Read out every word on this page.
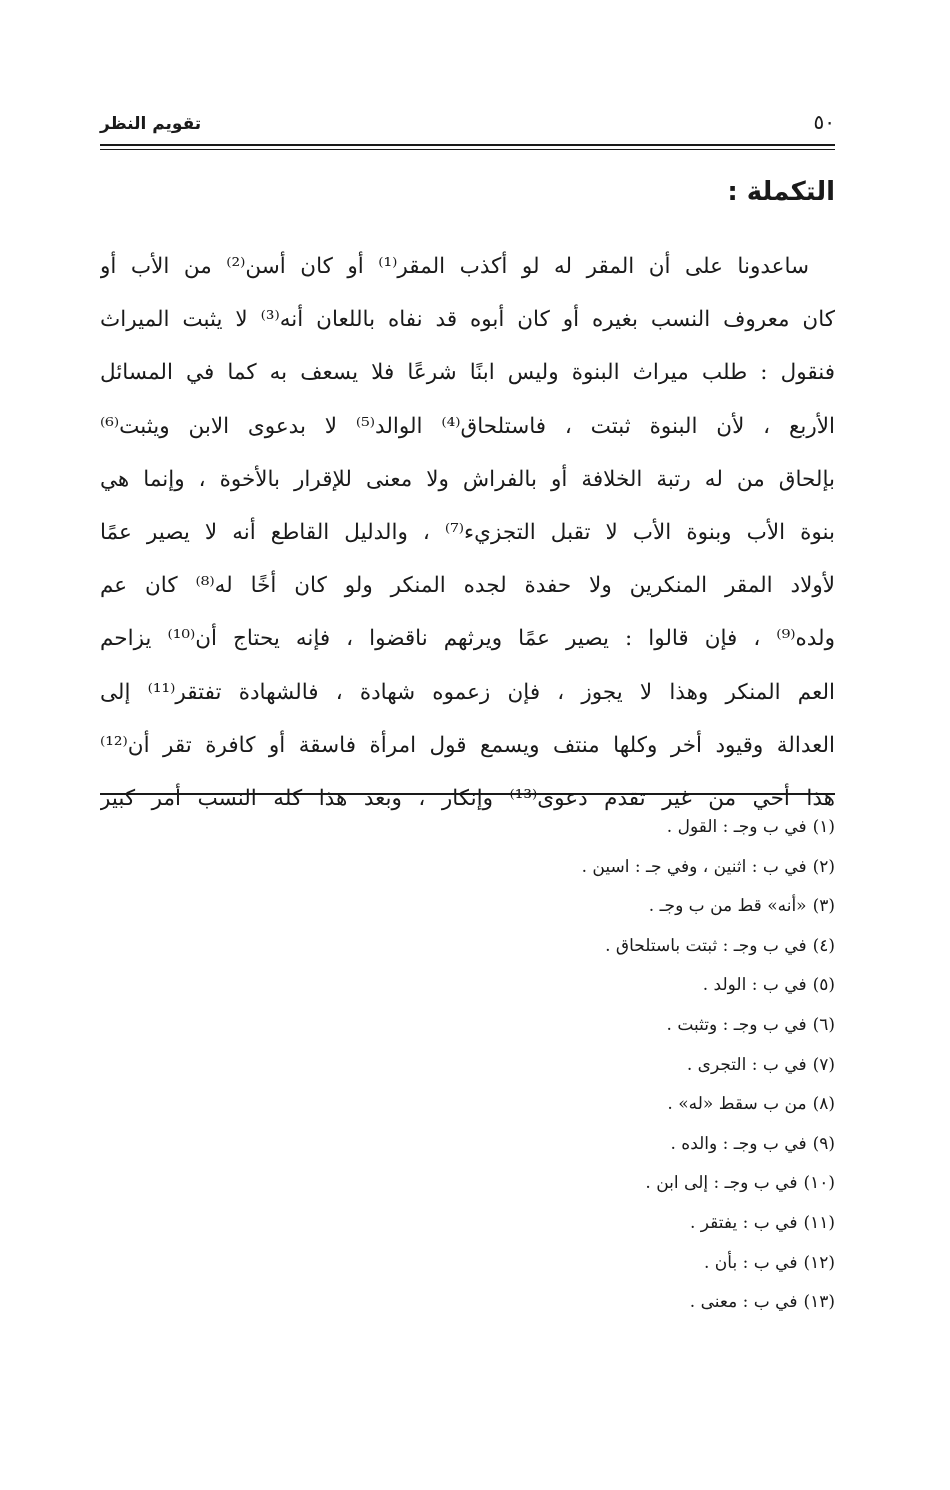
تقويم النظر	٥٠
التكملة :
ساعدونا على أن المقر له لو أكذب المقر⁽¹⁾ أو كان أسن⁽²⁾ من الأب أو
كان معروف النسب بغيره أو كان أبوه قد نفاه باللعان أنه⁽³⁾ لا يثبت الميراث
فنقول : طلب ميراث البنوة وليس ابنًا شرعًا فلا يسعف به كما في المسائل
الأربع ، لأن البنوة ثبتت ، فاستلحاق⁽⁴⁾ الوالد⁽⁵⁾ لا بدعوى الابن ويثبت⁽⁶⁾
بإلحاق من له رتبة الخلافة أو بالفراش ولا معنى للإقرار بالأخوة ، وإنما هي
بنوة الأب وبنوة الأب لا تقبل التجزيء⁽⁷⁾ ، والدليل القاطع أنه لا يصير عمًا
لأولاد المقر المنكرين ولا حفدة لجده المنكر ولو كان أخًا له⁽⁸⁾ كان عم
ولده⁽⁹⁾ ، فإن قالوا : يصير عمًا ويرثهم ناقضوا ، فإنه يحتاج أن⁽¹⁰⁾ يزاحم
العم المنكر وهذا لا يجوز ، فإن زعموه شهادة ، فالشهادة تفتقر⁽¹¹⁾ إلى
العدالة وقيود أخر وكلها منتف ويسمع قول امرأة فاسقة أو كافرة تقر أن⁽¹²⁾
هذا أخي من غير تقدم دعوى⁽¹³⁾ وإنكار ، وبعد هذا كله النسب أمر كبير
(١)في ب وجـ : القول .
(٢)في ب : اثنين ، وفي جـ : اسين .
(٣)«أنه» قط من ب وجـ .
(٤)في ب وجـ : ثبتت باستلحاق .
(٥)في ب : الولد .
(٦)في ب وجـ : وتثبت .
(٧)في ب : التجرى .
(٨)من ب سقط «له» .
(٩)في ب وجـ : والده .
(١٠)في ب وجـ : إلى ابن .
(١١)في ب : يفتقر .
(١٢)في ب : بأن .
(١٣)في ب : معنى .
